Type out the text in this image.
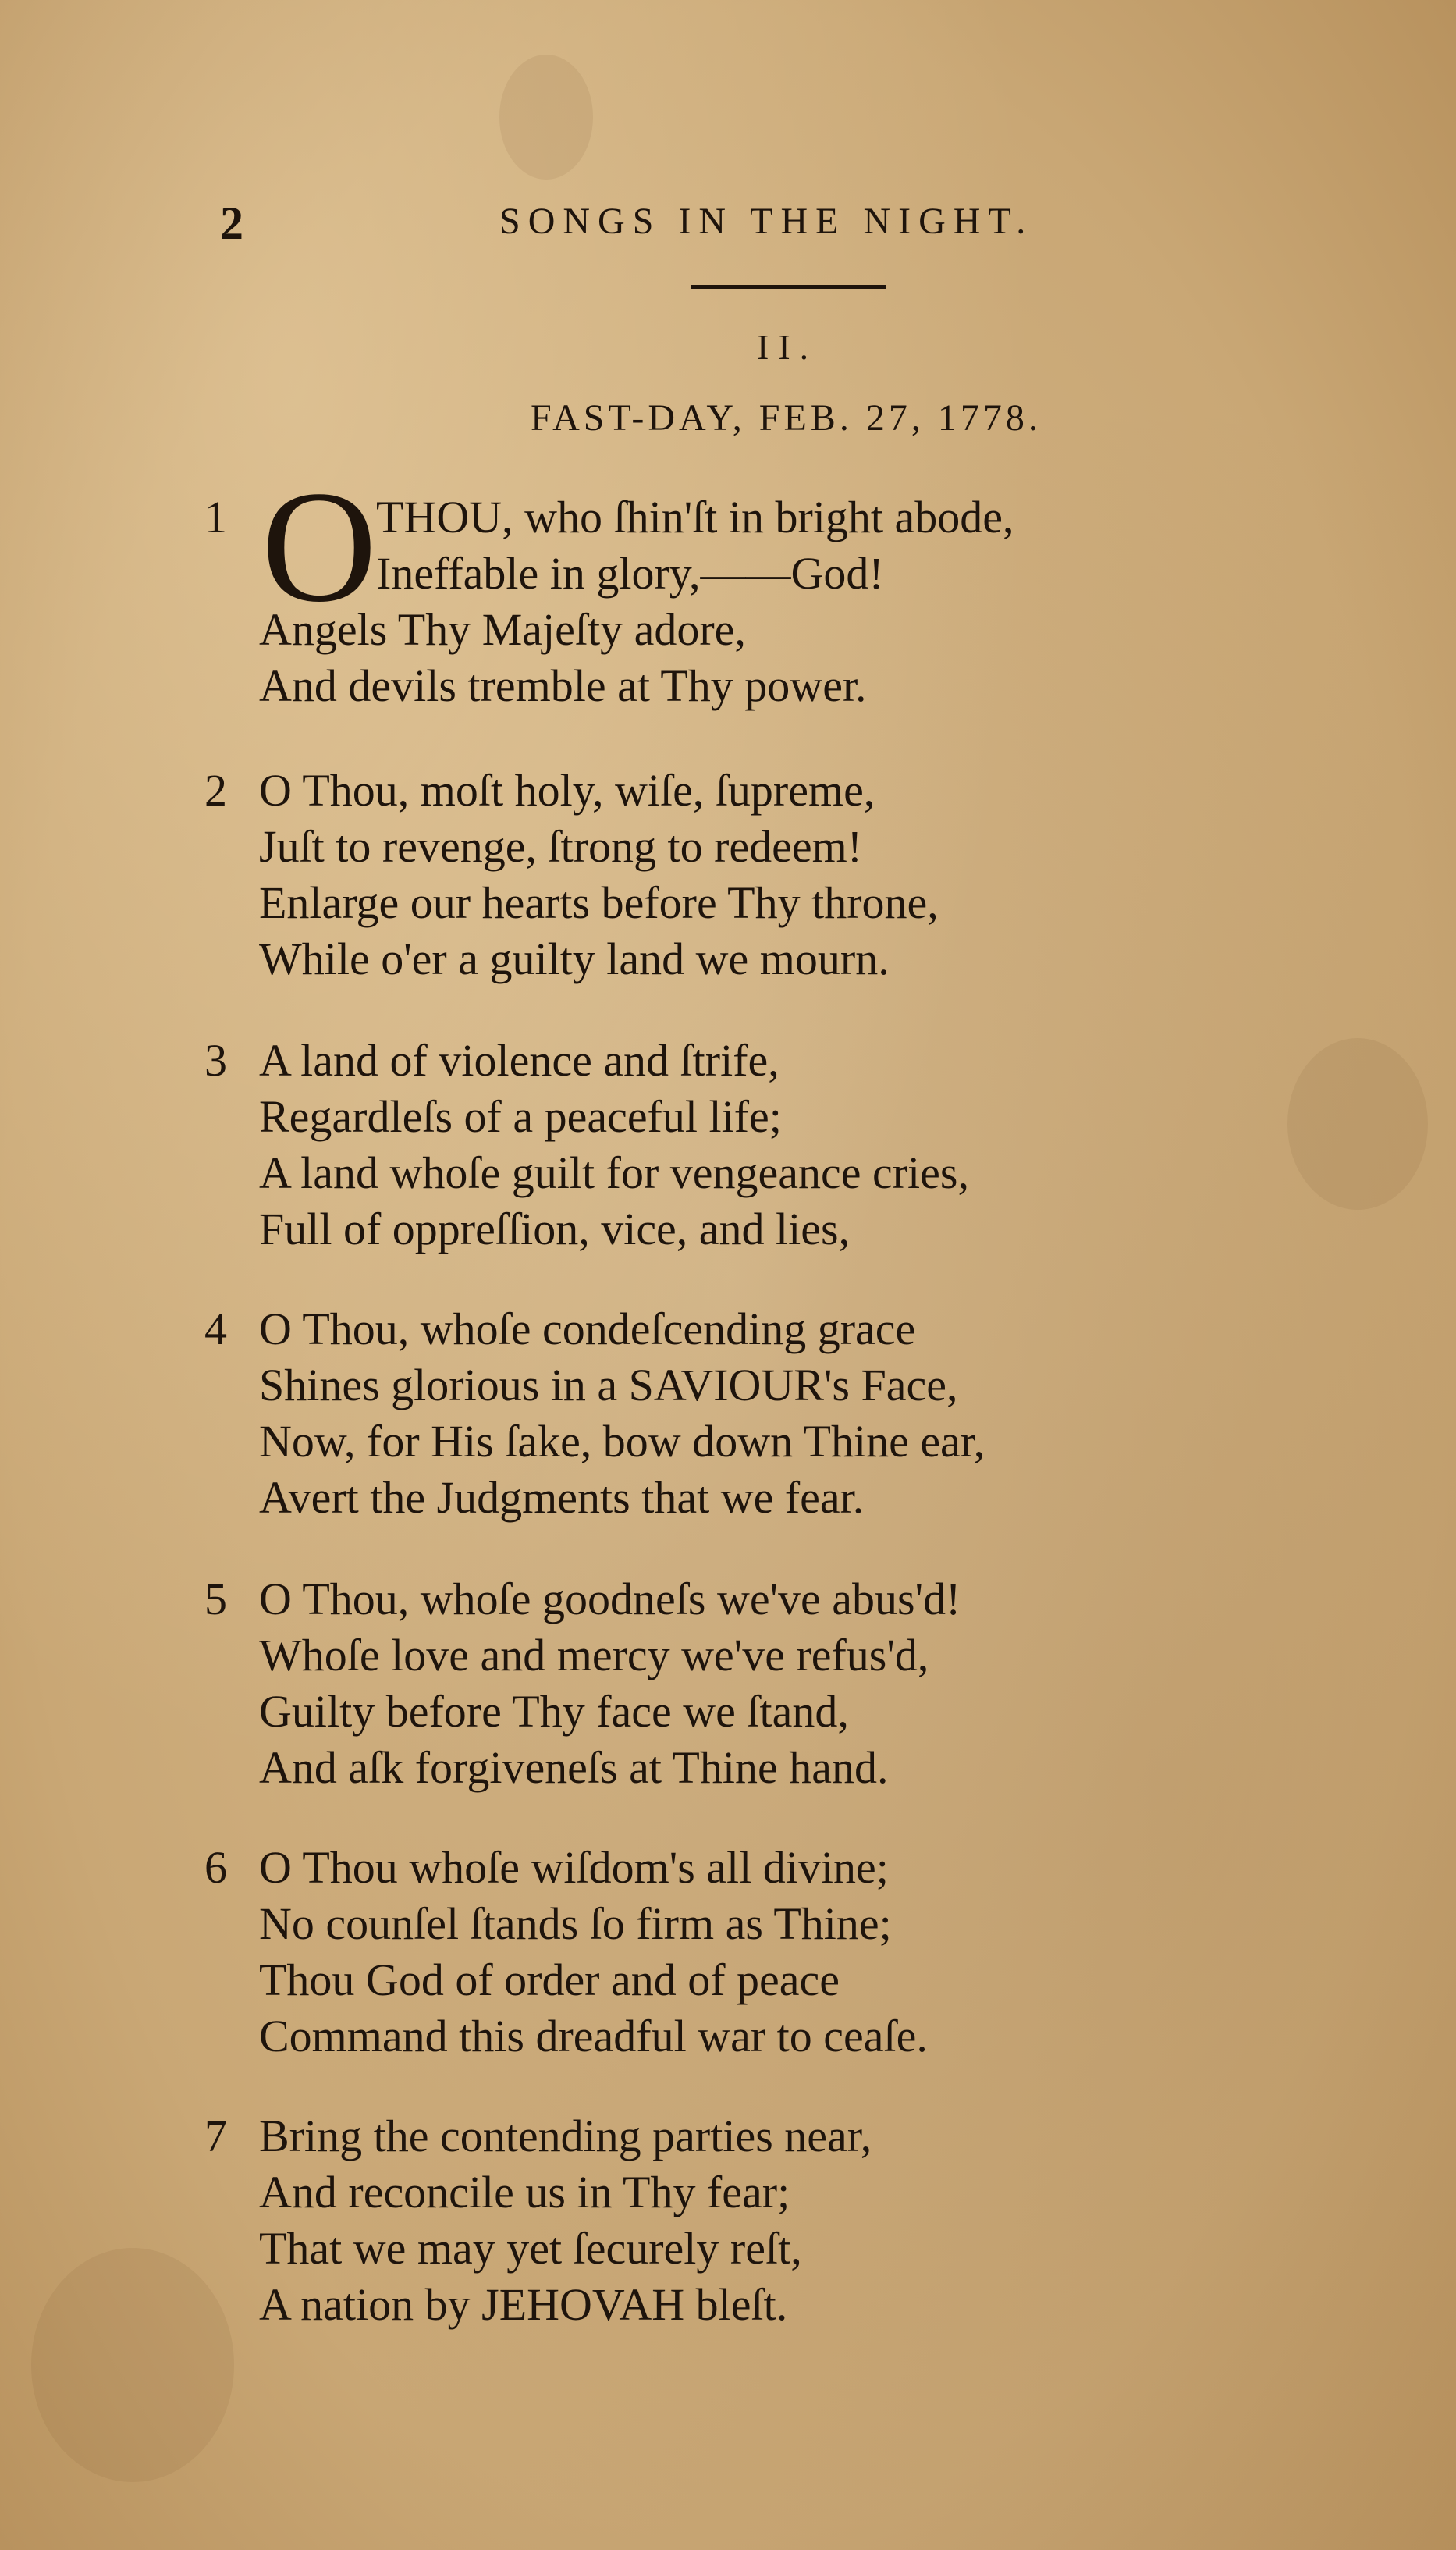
2	SONGS IN THE NIGHT.
II.
FAST-DAY, FEB. 27, 1778.
O
1	THOU, who ſhin'ſt in bright abode,
Ineffable in glory,——God!
Angels Thy Majeſty adore,
And devils tremble at Thy power.
2 O Thou, moſt holy, wiſe, ſupreme,
Juſt to revenge, ſtrong to redeem!
Enlarge our hearts before Thy throne,
While o'er a guilty land we mourn.
3 A land of violence and ſtrife,
Regardleſs of a peaceful life;
A land whoſe guilt for vengeance cries,
Full of oppreſſion, vice, and lies,
4 O Thou, whoſe condeſcending grace
Shines glorious in a SAVIOUR's Face,
Now, for His ſake, bow down Thine ear,
Avert the Judgments that we fear.
5 O Thou, whoſe goodneſs we've abus'd!
Whoſe love and mercy we've refus'd,
Guilty before Thy face we ſtand,
And aſk forgiveneſs at Thine hand.
6 O Thou whoſe wiſdom's all divine;
No counſel ſtands ſo firm as Thine;
Thou God of order and of peace
Command this dreadful war to ceaſe.
7 Bring the contending parties near,
And reconcile us in Thy fear;
That we may yet ſecurely reſt,
A nation by JEHOVAH bleſt.
